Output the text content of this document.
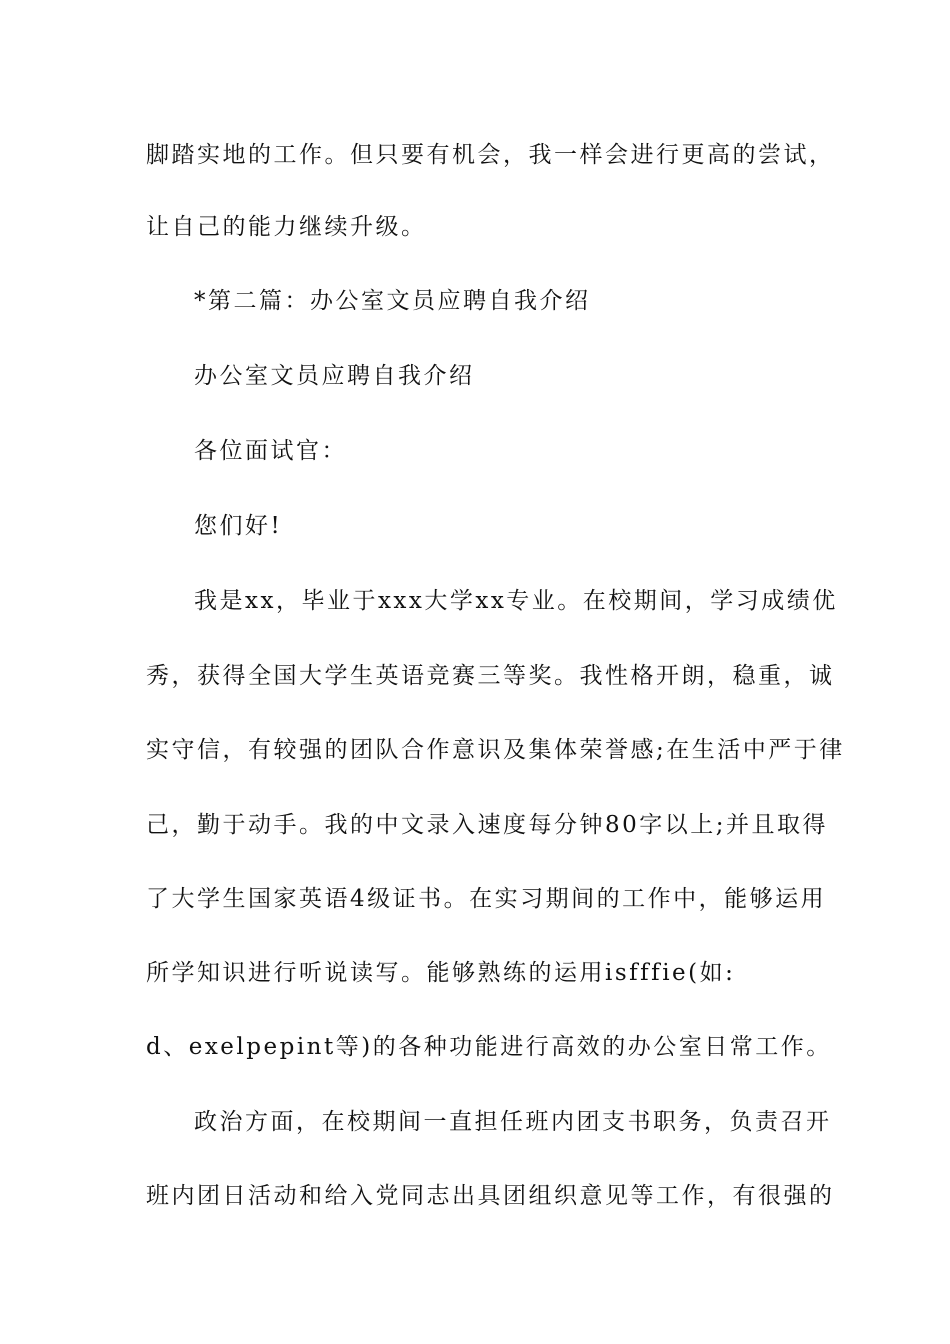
脚踏实地的工作。但只要有机会，我一样会进行更高的尝试，
让自己的能力继续升级。
*第二篇：办公室文员应聘自我介绍
办公室文员应聘自我介绍
各位面试官：
您们好!
我是xx，毕业于xxx大学xx专业。在校期间，学习成绩优
秀，获得全国大学生英语竞赛三等奖。我性格开朗，稳重，诚
实守信，有较强的团队合作意识及集体荣誉感;在生活中严于律
己，勤于动手。我的中文录入速度每分钟80字以上;并且取得
了大学生国家英语4级证书。在实习期间的工作中，能够运用
所学知识进行听说读写。能够熟练的运用isfffie(如:
d、exelpepint等)的各种功能进行高效的办公室日常工作。
政治方面，在校期间一直担任班内团支书职务，负责召开
班内团日活动和给入党同志出具团组织意见等工作，有很强的
